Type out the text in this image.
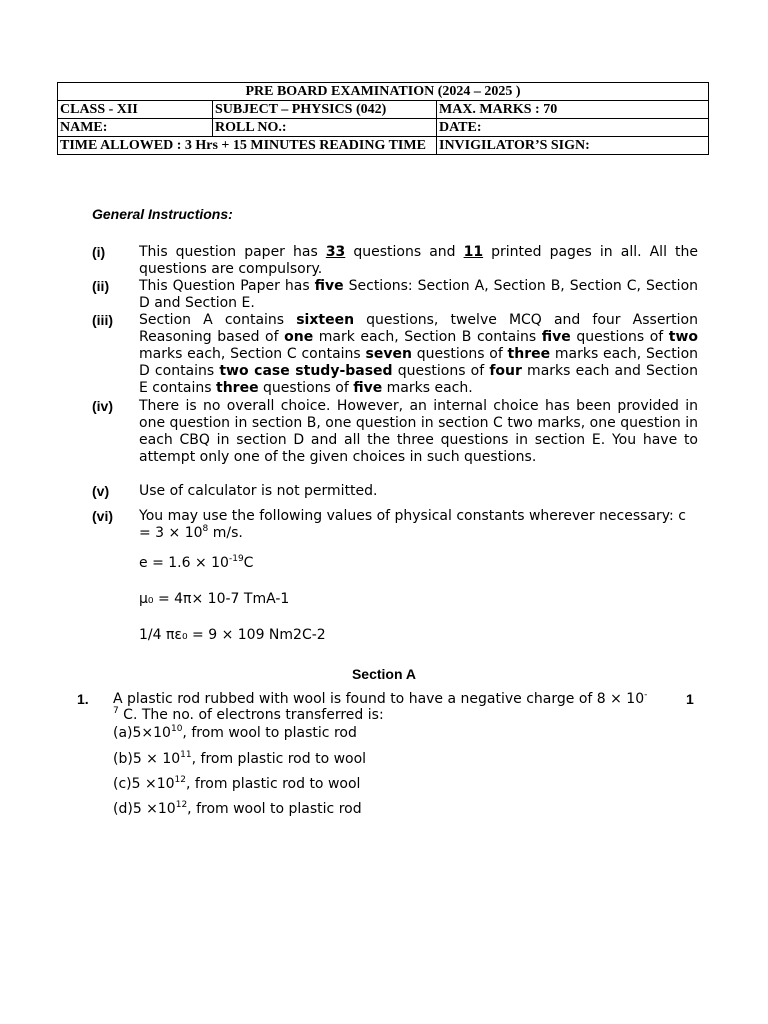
PRE BOARD EXAMINATION (2024 – 2025 )		
CLASS - XII	SUBJECT – PHYSICS (042)	MAX. MARKS : 70
NAME:	ROLL NO.:	DATE:
TIME ALLOWED : 3 Hrs + 15 MINUTES READING TIME		INVIGILATOR’S SIGN:
General Instructions:
(i) This question paper has 33 questions and 11 printed pages in all. All the questions are compulsory.
(ii) This Question Paper has five Sections: Section A, Section B, Section C, Section D and Section E.
(iii) Section A contains sixteen questions, twelve MCQ and four Assertion Reasoning based of one mark each, Section B contains five questions of two marks each, Section C contains seven questions of three marks each, Section D contains two case study-based questions of four marks each and Section E contains three questions of five marks each.
(iv) There is no overall choice. However, an internal choice has been provided in one question in section B, one question in section C two marks, one question in each CBQ in section D and all the three questions in section E. You have to attempt only one of the given choices in such questions.
(v) Use of calculator is not permitted.
(vi) You may use the following values of physical constants wherever necessary: $c = 3 \times 10^8$ m/s.
$e = 1.6 \times 10^{-19}C$
μ₀ = 4π× 10-7 TmA-1
1/4 πε₀ = 9 × 109 Nm2C-2
Section A
1.	1
A plastic rod rubbed with wool is found to have a negative charge of $8 \times 10^{-7}$ C. The no. of electrons transferred is:
$(a)5\times 10^{10}$, from wool to plastic rod
$(b)5 \times 10^{11}$, from plastic rod to wool
$(c)5 \times 10^{12}$, from plastic rod to wool
$(d)5 \times 10^{12}$, from wool to plastic rod
